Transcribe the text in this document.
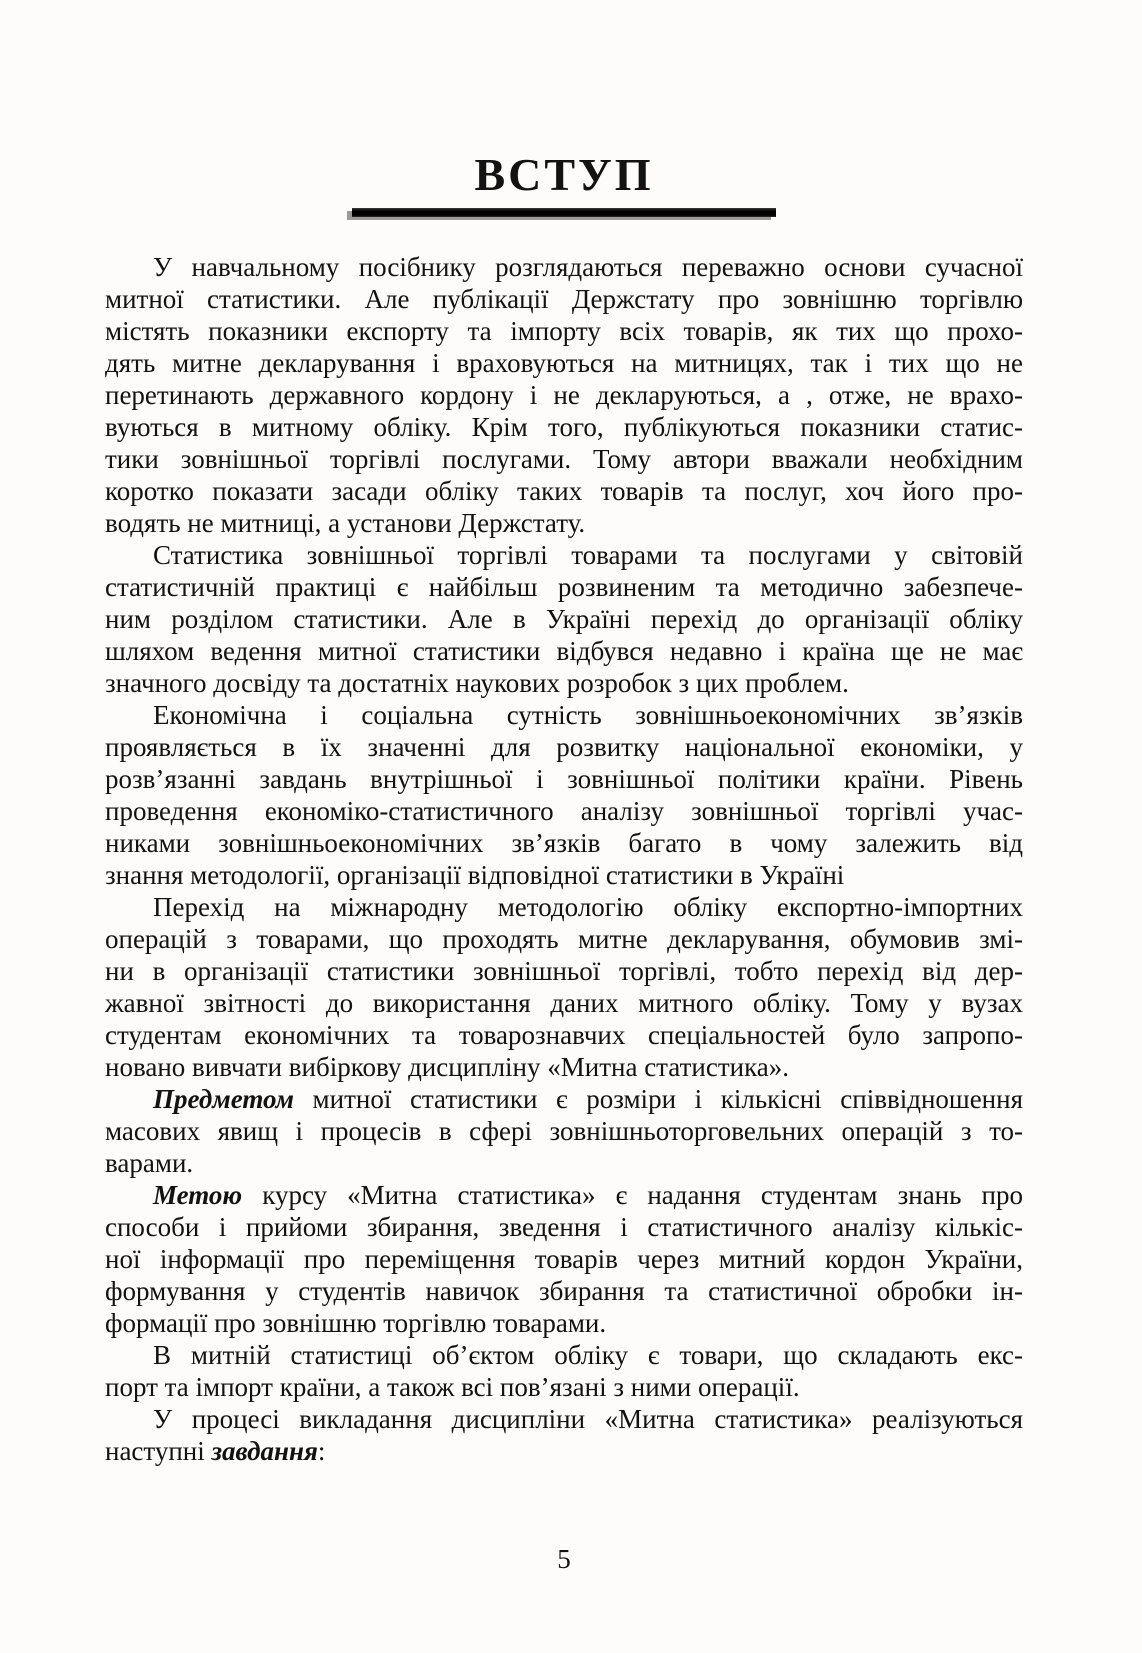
ВСТУП
У навчальному посібнику розглядаються переважно основи сучасної
митної статистики. Але публікації Держстату про зовнішню торгівлю
містять показники експорту та імпорту всіх товарів, як тих що прохо-
дять митне декларування і враховуються на митницях, так і тих що не
перетинають державного кордону і не декларуються, а , отже, не врахо-
вуються в митному обліку. Крім того, публікуються показники статис-
тики зовнішньої торгівлі послугами. Тому автори вважали необхідним
коротко показати засади обліку таких товарів та послуг, хоч його про-
водять не митниці, а установи Держстату.
Статистика зовнішньої торгівлі товарами та послугами у світовій
статистичній практиці є найбільш розвиненим та методично забезпече-
ним розділом статистики. Але в Україні перехід до організації обліку
шляхом ведення митної статистики відбувся недавно і країна ще не має
значного досвіду та достатніх наукових розробок з цих проблем.
Економічна і соціальна сутність зовнішньоекономічних зв’язків
проявляється в їх значенні для розвитку національної економіки, у
розв’язанні завдань внутрішньої і зовнішньої політики країни. Рівень
проведення економіко-статистичного аналізу зовнішньої торгівлі учас-
никами зовнішньоекономічних зв’язків багато в чому залежить від
знання методології, організації відповідної статистики в Україні
Перехід на міжнародну методологію обліку експортно-імпортних
операцій з товарами, що проходять митне декларування, обумовив змі-
ни в організації статистики зовнішньої торгівлі, тобто перехід від дер-
жавної звітності до використання даних митного обліку. Тому у вузах
студентам економічних та товарознавчих спеціальностей було запропо-
новано вивчати вибіркову дисципліну «Митна статистика».
Предметом митної статистики є розміри і кількісні співвідношення
масових явищ і процесів в сфері зовнішньоторговельних операцій з то-
варами.
Метою курсу «Митна статистика» є надання студентам знань про
способи і прийоми збирання, зведення і статистичного аналізу кількіс-
ної інформації про переміщення товарів через митний кордон України,
формування у студентів навичок збирання та статистичної обробки ін-
формації про зовнішню торгівлю товарами.
В митній статистиці об’єктом обліку є товари, що складають екс-
порт та імпорт країни, а також всі пов’язані з ними операції.
У процесі викладання дисципліни «Митна статистика» реалізуються
наступні завдання:
5
